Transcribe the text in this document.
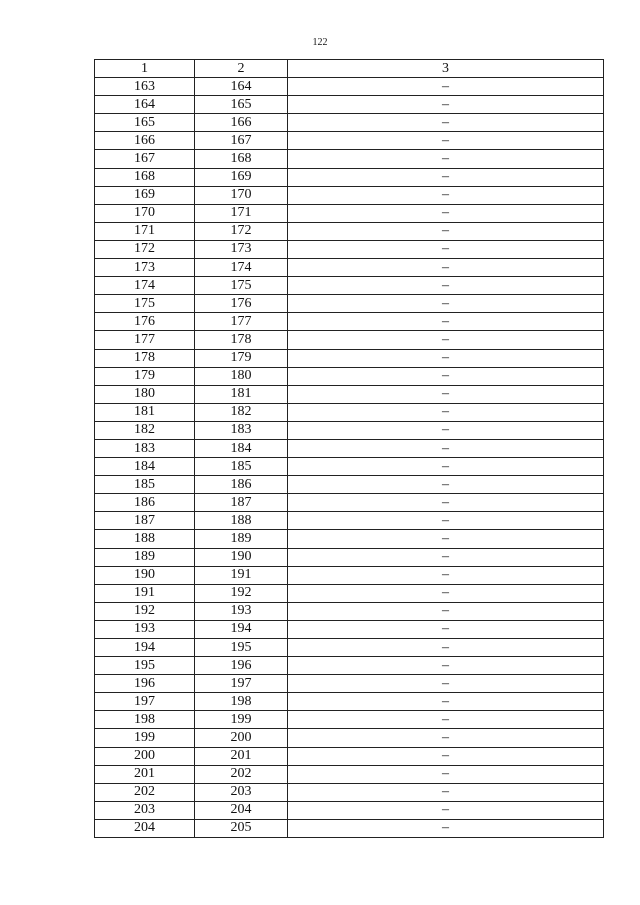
122
1	2	3
163	164	–
164	165	–
165	166	–
166	167	–
167	168	–
168	169	–
169	170	–
170	171	–
171	172	–
172	173	–
173	174	–
174	175	–
175	176	–
176	177	–
177	178	–
178	179	–
179	180	–
180	181	–
181	182	–
182	183	–
183	184	–
184	185	–
185	186	–
186	187	–
187	188	–
188	189	–
189	190	–
190	191	–
191	192	–
192	193	–
193	194	–
194	195	–
195	196	–
196	197	–
197	198	–
198	199	–
199	200	–
200	201	–
201	202	–
202	203	–
203	204	–
204	205	–
